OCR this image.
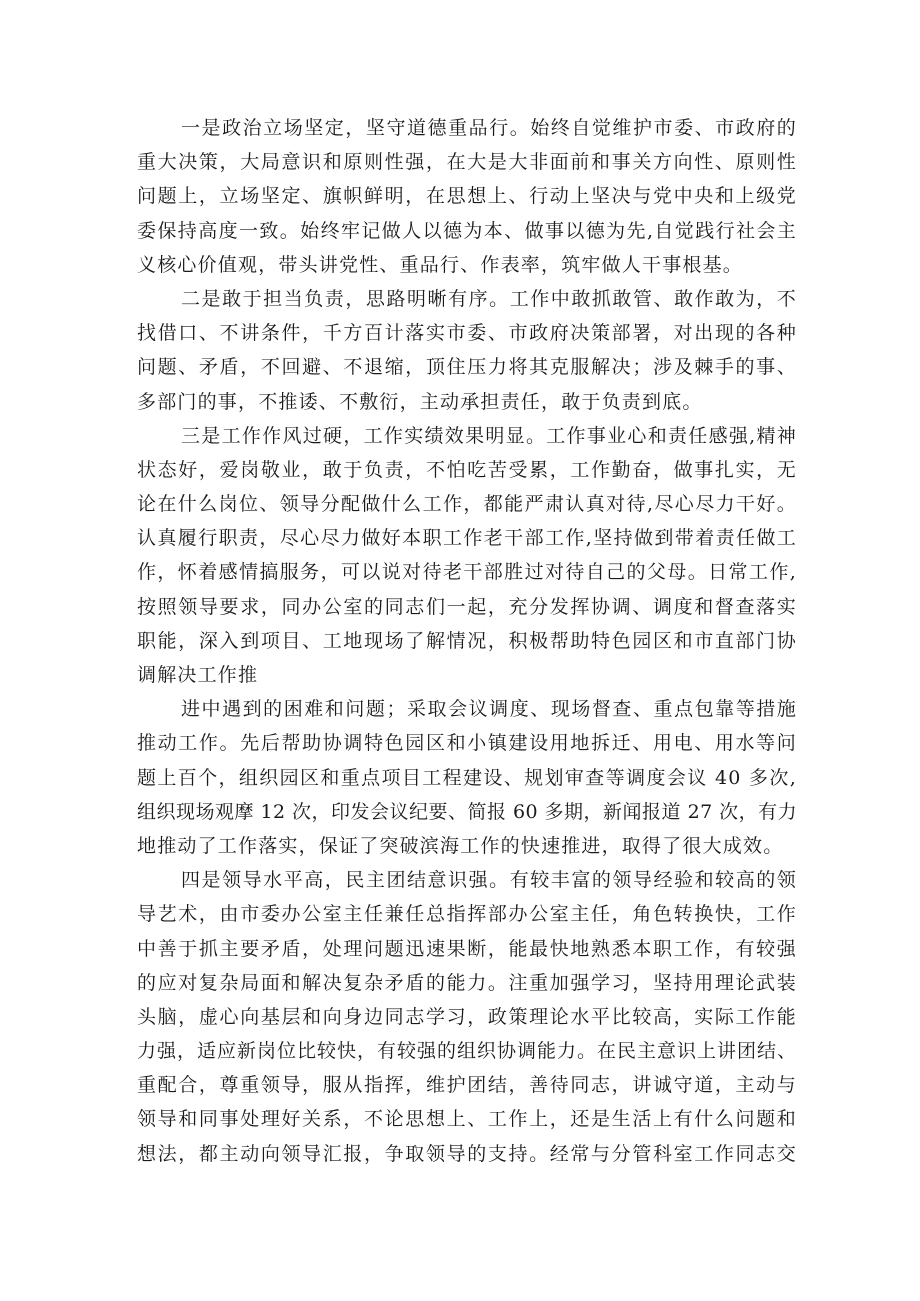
一是政治立场坚定，坚守道德重品行。始终自觉维护市委、市政府的
重大决策，大局意识和原则性强，在大是大非面前和事关方向性、原则性
问题上，立场坚定、旗帜鲜明，在思想上、行动上坚决与党中央和上级党
委保持高度一致。始终牢记做人以德为本、做事以德为先,自觉践行社会主
义核心价值观，带头讲党性、重品行、作表率，筑牢做人干事根基。
二是敢于担当负责，思路明晰有序。工作中敢抓敢管、敢作敢为，不
找借口、不讲条件，千方百计落实市委、市政府决策部署，对出现的各种
问题、矛盾，不回避、不退缩，顶住压力将其克服解决；涉及棘手的事、
多部门的事，不推诿、不敷衍，主动承担责任，敢于负责到底。
三是工作作风过硬，工作实绩效果明显。工作事业心和责任感强,精神
状态好，爱岗敬业，敢于负责，不怕吃苦受累，工作勤奋，做事扎实，无
论在什么岗位、领导分配做什么工作，都能严肃认真对待,尽心尽力干好。
认真履行职责，尽心尽力做好本职工作老干部工作,坚持做到带着责任做工
作，怀着感情搞服务，可以说对待老干部胜过对待自己的父母。日常工作,
按照领导要求，同办公室的同志们一起，充分发挥协调、调度和督查落实
职能，深入到项目、工地现场了解情况，积极帮助特色园区和市直部门协
调解决工作推
进中遇到的困难和问题；采取会议调度、现场督查、重点包靠等措施
推动工作。先后帮助协调特色园区和小镇建设用地拆迁、用电、用水等问
题上百个，组织园区和重点项目工程建设、规划审查等调度会议 40 多次,
组织现场观摩 12 次，印发会议纪要、简报 60 多期，新闻报道 27 次，有力
地推动了工作落实，保证了突破滨海工作的快速推进，取得了很大成效。
四是领导水平高，民主团结意识强。有较丰富的领导经验和较高的领
导艺术，由市委办公室主任兼任总指挥部办公室主任，角色转换快，工作
中善于抓主要矛盾，处理问题迅速果断，能最快地熟悉本职工作，有较强
的应对复杂局面和解决复杂矛盾的能力。注重加强学习，坚持用理论武装
头脑，虚心向基层和向身边同志学习，政策理论水平比较高，实际工作能
力强，适应新岗位比较快，有较强的组织协调能力。在民主意识上讲团结、
重配合，尊重领导，服从指挥，维护团结，善待同志，讲诚守道，主动与
领导和同事处理好关系，不论思想上、工作上，还是生活上有什么问题和
想法，都主动向领导汇报，争取领导的支持。经常与分管科室工作同志交
